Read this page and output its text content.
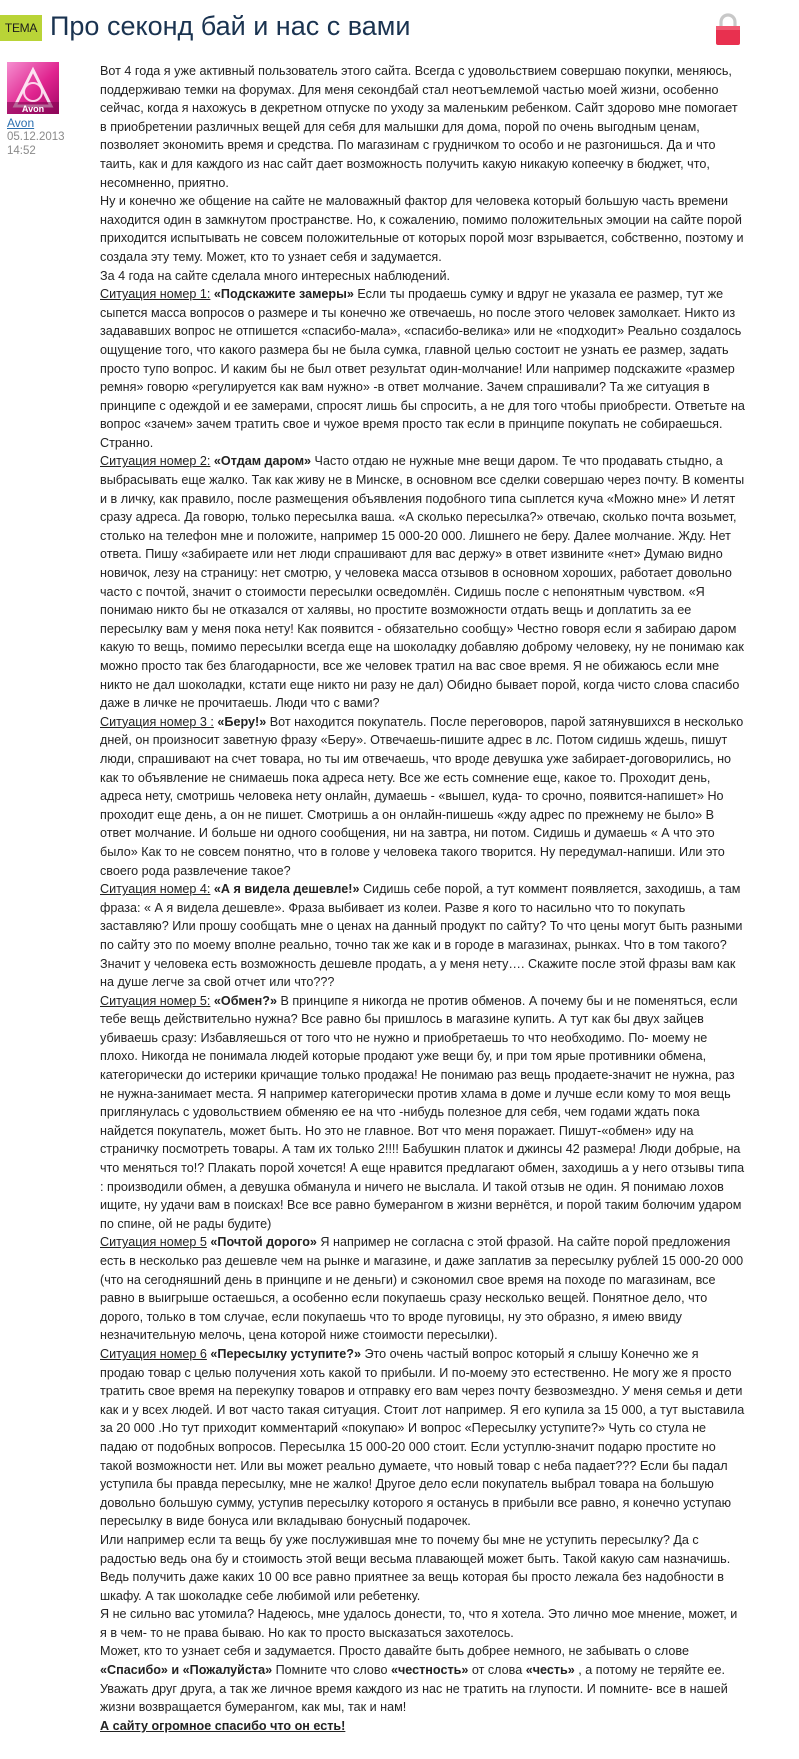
ТЕМА Про секонд бай и нас с вами
Avon
Avon
05.12.2013
14:52

Вот 4 года я уже активный пользователь этого сайта. Всегда с удовольствием совершаю покупки, меняюсь, поддерживаю темки на форумах. Для меня секондбай стал неотъемлемой частью моей жизни, особенно сейчас, когда я нахожусь в декретном отпуске по уходу за маленьким ребенком. Сайт здорово мне помогает в приобретении различных вещей для себя для малышки для дома, порой по очень выгодным ценам, позволяет экономить время и средства. По магазинам с грудничком то особо и не разгонишься. Да и что таить, как и для каждого из нас сайт дает возможность получить какую никакую копеечку в бюджет, что, несомненно, приятно.

Ну и конечно же общение на сайте не маловажный фактор для человека который большую часть времени находится один в замкнутом пространстве. Но, к сожалению, помимо положительных эмоции на сайте порой приходится испытывать не совсем положительные от которых порой мозг взрывается, собственно, поэтому и создала эту тему. Может, кто то узнает себя и задумается.

За 4 года на сайте сделала много интересных наблюдений.

Ситуация номер 1: «Подскажите замеры» Если ты продаешь сумку и вдруг не указала ее размер, тут же сыпется масса вопросов о размере и ты конечно же отвечаешь, но после этого человек замолкает. Никто из задававших вопрос не отпишется «спасибо-мала», «спасибо-велика» или не «подходит» Реально создалось ощущение того, что какого размера бы не была сумка, главной целью состоит не узнать ее размер, задать просто тупо вопрос. И каким бы не был ответ результат один-молчание! Или например подскажите «размер ремня» говорю «регулируется как вам нужно» -в ответ молчание. Зачем спрашивали? Та же ситуация в принципе с одеждой и ее замерами, спросят лишь бы спросить, а не для того чтобы приобрести. Ответьте на вопрос «зачем» зачем тратить свое и чужое время просто так если в принципе покупать не собираешься. Странно.

Ситуация номер 2: «Отдам даром» Часто отдаю не нужные мне вещи даром. Те что продавать стыдно, а выбрасывать еще жалко. Так как живу не в Минске, в основном все сделки совершаю через почту. В коменты и в личку, как правило, после размещения объявления подобного типа сыплется куча «Можно мне» И летят сразу адреса. Да говорю, только пересылка ваша. «А сколько пересылка?» отвечаю, сколько почта возьмет, столько на телефон мне и положите, например 15 000-20 000. Лишнего не беру. Далее молчание. Жду. Нет ответа. Пишу «забираете или нет люди спрашивают для вас держу» в ответ извините «нет» Думаю видно новичок, лезу на страницу: нет смотрю, у человека масса отзывов в основном хороших, работает довольно часто с почтой, значит о стоимости пересылки осведомлён. Сидишь после с непонятным чувством. «Я понимаю никто бы не отказался от халявы, но простите возможности отдать вещь и доплатить за ее пересылку вам у меня пока нету! Как появится - обязательно сообщу» Честно говоря если я забираю даром какую то вещь, помимо пересылки всегда еще на шоколадку добавляю доброму человеку, ну не понимаю как можно просто так без благодарности, все же человек тратил на вас свое время. Я не обижаюсь если мне никто не дал шоколадки, кстати еще никто ни разу не дал) Обидно бывает порой, когда чисто слова спасибо даже в личке не прочитаешь. Люди что с вами?

Ситуация номер 3 : «Беру!» Вот находится покупатель. После переговоров, парой затянувшихся в несколько дней, он произносит заветную фразу «Беру». Отвечаешь-пишите адрес в лс. Потом сидишь ждешь, пишут люди, спрашивают на счет товара, но ты им отвечаешь, что вроде девушка уже забирает-договорились, но как то объявление не снимаешь пока адреса нету. Все же есть сомнение еще, какое то. Проходит день, адреса нету, смотришь человека нету онлайн, думаешь - «вышел, куда- то срочно, появится-напишет» Но проходит еще день, а он не пишет. Смотришь а он онлайн-пишешь «жду адрес по прежнему не было» В ответ молчание. И больше ни одного сообщения, ни на завтра, ни потом. Сидишь и думаешь « А что это было» Как то не совсем понятно, что в голове у человека такого творится. Ну передумал-напиши. Или это своего рода развлечение такое?

Ситуация номер 4: «А я видела дешевле!» Сидишь себе порой, а тут коммент появляется, заходишь, а там фраза: « А я видела дешевле». Фраза выбивает из колеи. Разве я кого то насильно что то покупать заставляю? Или прошу сообщать мне о ценах на данный продукт по сайту? То что цены могут быть разными по сайту это по моему вполне реально, точно так же как и в городе в магазинах, рынках. Что в том такого? Значит у человека есть возможность дешевле продать, а у меня нету…. Скажите после этой фразы вам как на душе легче за свой отчет или что???

Ситуация номер 5: «Обмен?» В принципе я никогда не против обменов. А почему бы и не поменяться, если тебе вещь действительно нужна? Все равно бы пришлось в магазине купить. А тут как бы двух зайцев убиваешь сразу: Избавляешься от того что не нужно и приобретаешь то что необходимо. По- моему не плохо. Никогда не понимала людей которые продают уже вещи бу, и при том ярые противники обмена, категорически до истерики кричащие только продажа! Не понимаю раз вещь продаете-значит не нужна, раз не нужна-занимает места. Я например категорически против хлама в доме и лучше если кому то моя вещь приглянулась с удовольствием обменяю ее на что -нибудь полезное для себя, чем годами ждать пока найдется покупатель, может быть. Но это не главное. Вот что меня поражает. Пишут-«обмен» иду на страничку посмотреть товары. А там их только 2!!!! Бабушкин платок и джинсы 42 размера! Люди добрые, на что меняться то!? Плакать порой хочется! А еще нравится предлагают обмен, заходишь а у него отзывы типа : производили обмен, а девушка обманула и ничего не выслала. И такой отзыв не один. Я понимаю лохов ищите, ну удачи вам в поисках! Все все равно бумерангом в жизни вернётся, и порой таким болючим ударом по спине, ой не рады будите)

Ситуация номер 5 «Почтой дорого» Я например не согласна с этой фразой. На сайте порой предложения есть в несколько раз дешевле чем на рынке и магазине, и даже заплатив за пересылку рублей 15 000-20 000 (что на сегодняшний день в принципе и не деньги) и сэкономил свое время на походе по магазинам, все равно в выигрыше остаешься, а особенно если покупаешь сразу несколько вещей. Понятное дело, что дорого, только в том случае, если покупаешь что то вроде пуговицы, ну это образно, я имею ввиду незначительную мелочь, цена которой ниже стоимости пересылки).

Ситуация номер 6 «Пересылку уступите?» Это очень частый вопрос который я слышу Конечно же я продаю товар с целью получения хоть какой то прибыли. И по-моему это естественно. Не могу же я просто тратить свое время на перекупку товаров и отправку его вам через почту безвозмездно. У меня семья и дети как и у всех людей. И вот часто такая ситуация. Стоит лот например. Я его купила за 15 000, а тут выставила за 20 000 .Но тут приходит комментарий «покупаю» И вопрос «Пересылку уступите?» Чуть со стула не падаю от подобных вопросов. Пересылка 15 000-20 000 стоит. Если уступлю-значит подарю простите но такой возможности нет. Или вы может реально думаете, что новый товар с неба падает??? Если бы падал уступила бы правда пересылку, мне не жалко! Другое дело если покупатель выбрал товара на большую довольно большую сумму, уступив пересылку которого я останусь в прибыли все равно, я конечно уступаю пересылку в виде бонуса или вкладываю бонусный подарочек.

Или например если та вещь бу уже послужившая мне то почему бы мне не уступить пересылку? Да с радостью ведь она бу и стоимость этой вещи весьма плавающей может быть. Такой какую сам назначишь. Ведь получить даже каких 10 00 все равно приятнее за вещь которая бы просто лежала без надобности в шкафу. А так шоколадке себе любимой или ребетенку.

Я не сильно вас утомила? Надеюсь, мне удалось донести, то, что я хотела. Это лично мое мнение, может, и я в чем- то не права бываю. Но как то просто высказаться захотелось.

Может, кто то узнает себя и задумается. Просто давайте быть добрее немного, не забывать о слове «Спасибо» и «Пожалуйста» Помните что слово «честность» от слова «честь» , а потому не теряйте ее. Уважать друг друга, а так же личное время каждого из нас не тратить на глупости. И помните- все в нашей жизни возвращается бумерангом, как мы, так и нам!

А сайту огромное спасибо что он есть!
